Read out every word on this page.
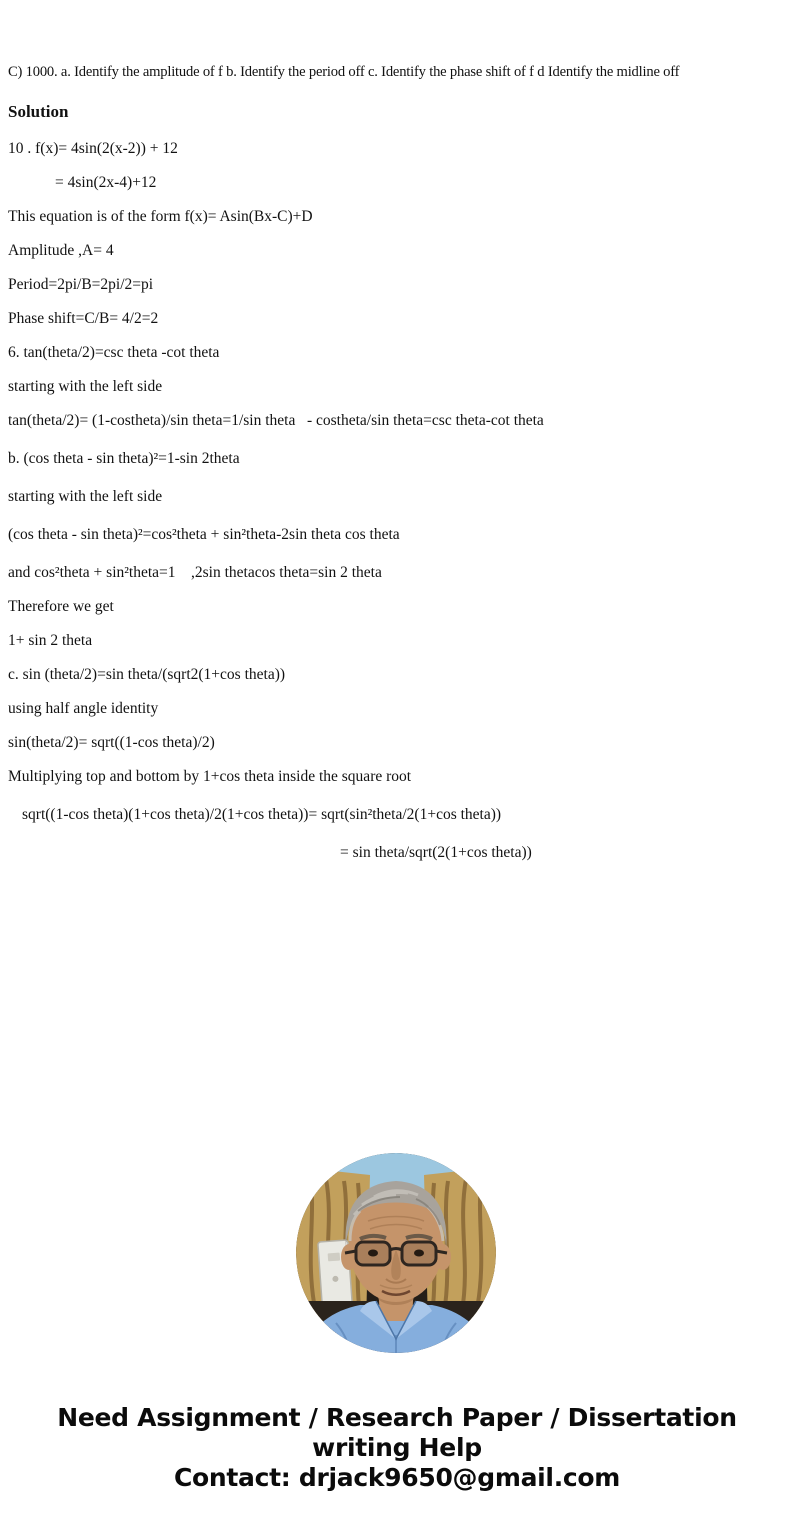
C) 1000. a. Identify the amplitude of f b. Identify the period off c. Identify the phase shift of f d Identify the midline off

Solution

10 . f(x)= 4sin(2(x-2)) + 12

= 4sin(2x-4)+12

This equation is of the form f(x)= Asin(Bx-C)+D

Amplitude ,A= 4

Period=2pi/B=2pi/2=pi

Phase shift=C/B= 4/2=2

6. tan(theta/2)=csc theta -cot theta

starting with the left side

tan(theta/2)= (1-costheta)/sin theta=1/sin theta   - costheta/sin theta=csc theta-cot theta

b. (cos theta - sin theta)²=1-sin 2theta

starting with the left side

(cos theta - sin theta)²=cos²theta + sin²theta-2sin theta cos theta

and cos²theta + sin²theta=1    ,2sin thetacos theta=sin 2 theta

Therefore we get

1+ sin 2 theta

c. sin (theta/2)=sin theta/(sqrt2(1+cos theta))

using half angle identity

sin(theta/2)= sqrt((1-cos theta)/2)

Multiplying top and bottom by 1+cos theta inside the square root

sqrt((1-cos theta)(1+cos theta)/2(1+cos theta))= sqrt(sin²theta/2(1+cos theta))

= sin theta/sqrt(2(1+cos theta))

Need Assignment / Research Paper / Dissertation
writing Help
Contact: drjack9650@gmail.com
